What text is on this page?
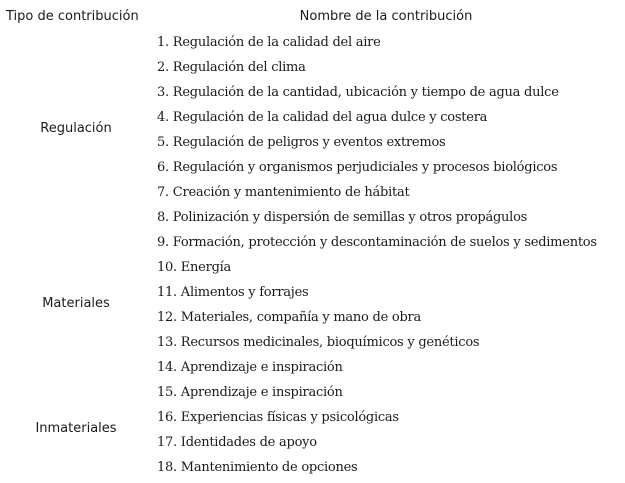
Tipo de contribución	Nombre de la contribución
Regulación
Materiales
Inmateriales
1. Regulación de la calidad del aire
2. Regulación del clima
3. Regulación de la cantidad, ubicación y tiempo de agua dulce
4. Regulación de la calidad del agua dulce y costera
5. Regulación de peligros y eventos extremos
6. Regulación y organismos perjudiciales y procesos biológicos
7. Creación y mantenimiento de hábitat
8. Polinización y dispersión de semillas y otros propágulos
9. Formación, protección y descontaminación de suelos y sedimentos
10. Energía
11. Alimentos y forrajes
12. Materiales, compañía y mano de obra
13. Recursos medicinales, bioquímicos y genéticos
14. Aprendizaje e inspiración
15. Aprendizaje e inspiración
16. Experiencias físicas y psicológicas
17. Identidades de apoyo
18. Mantenimiento de opciones
